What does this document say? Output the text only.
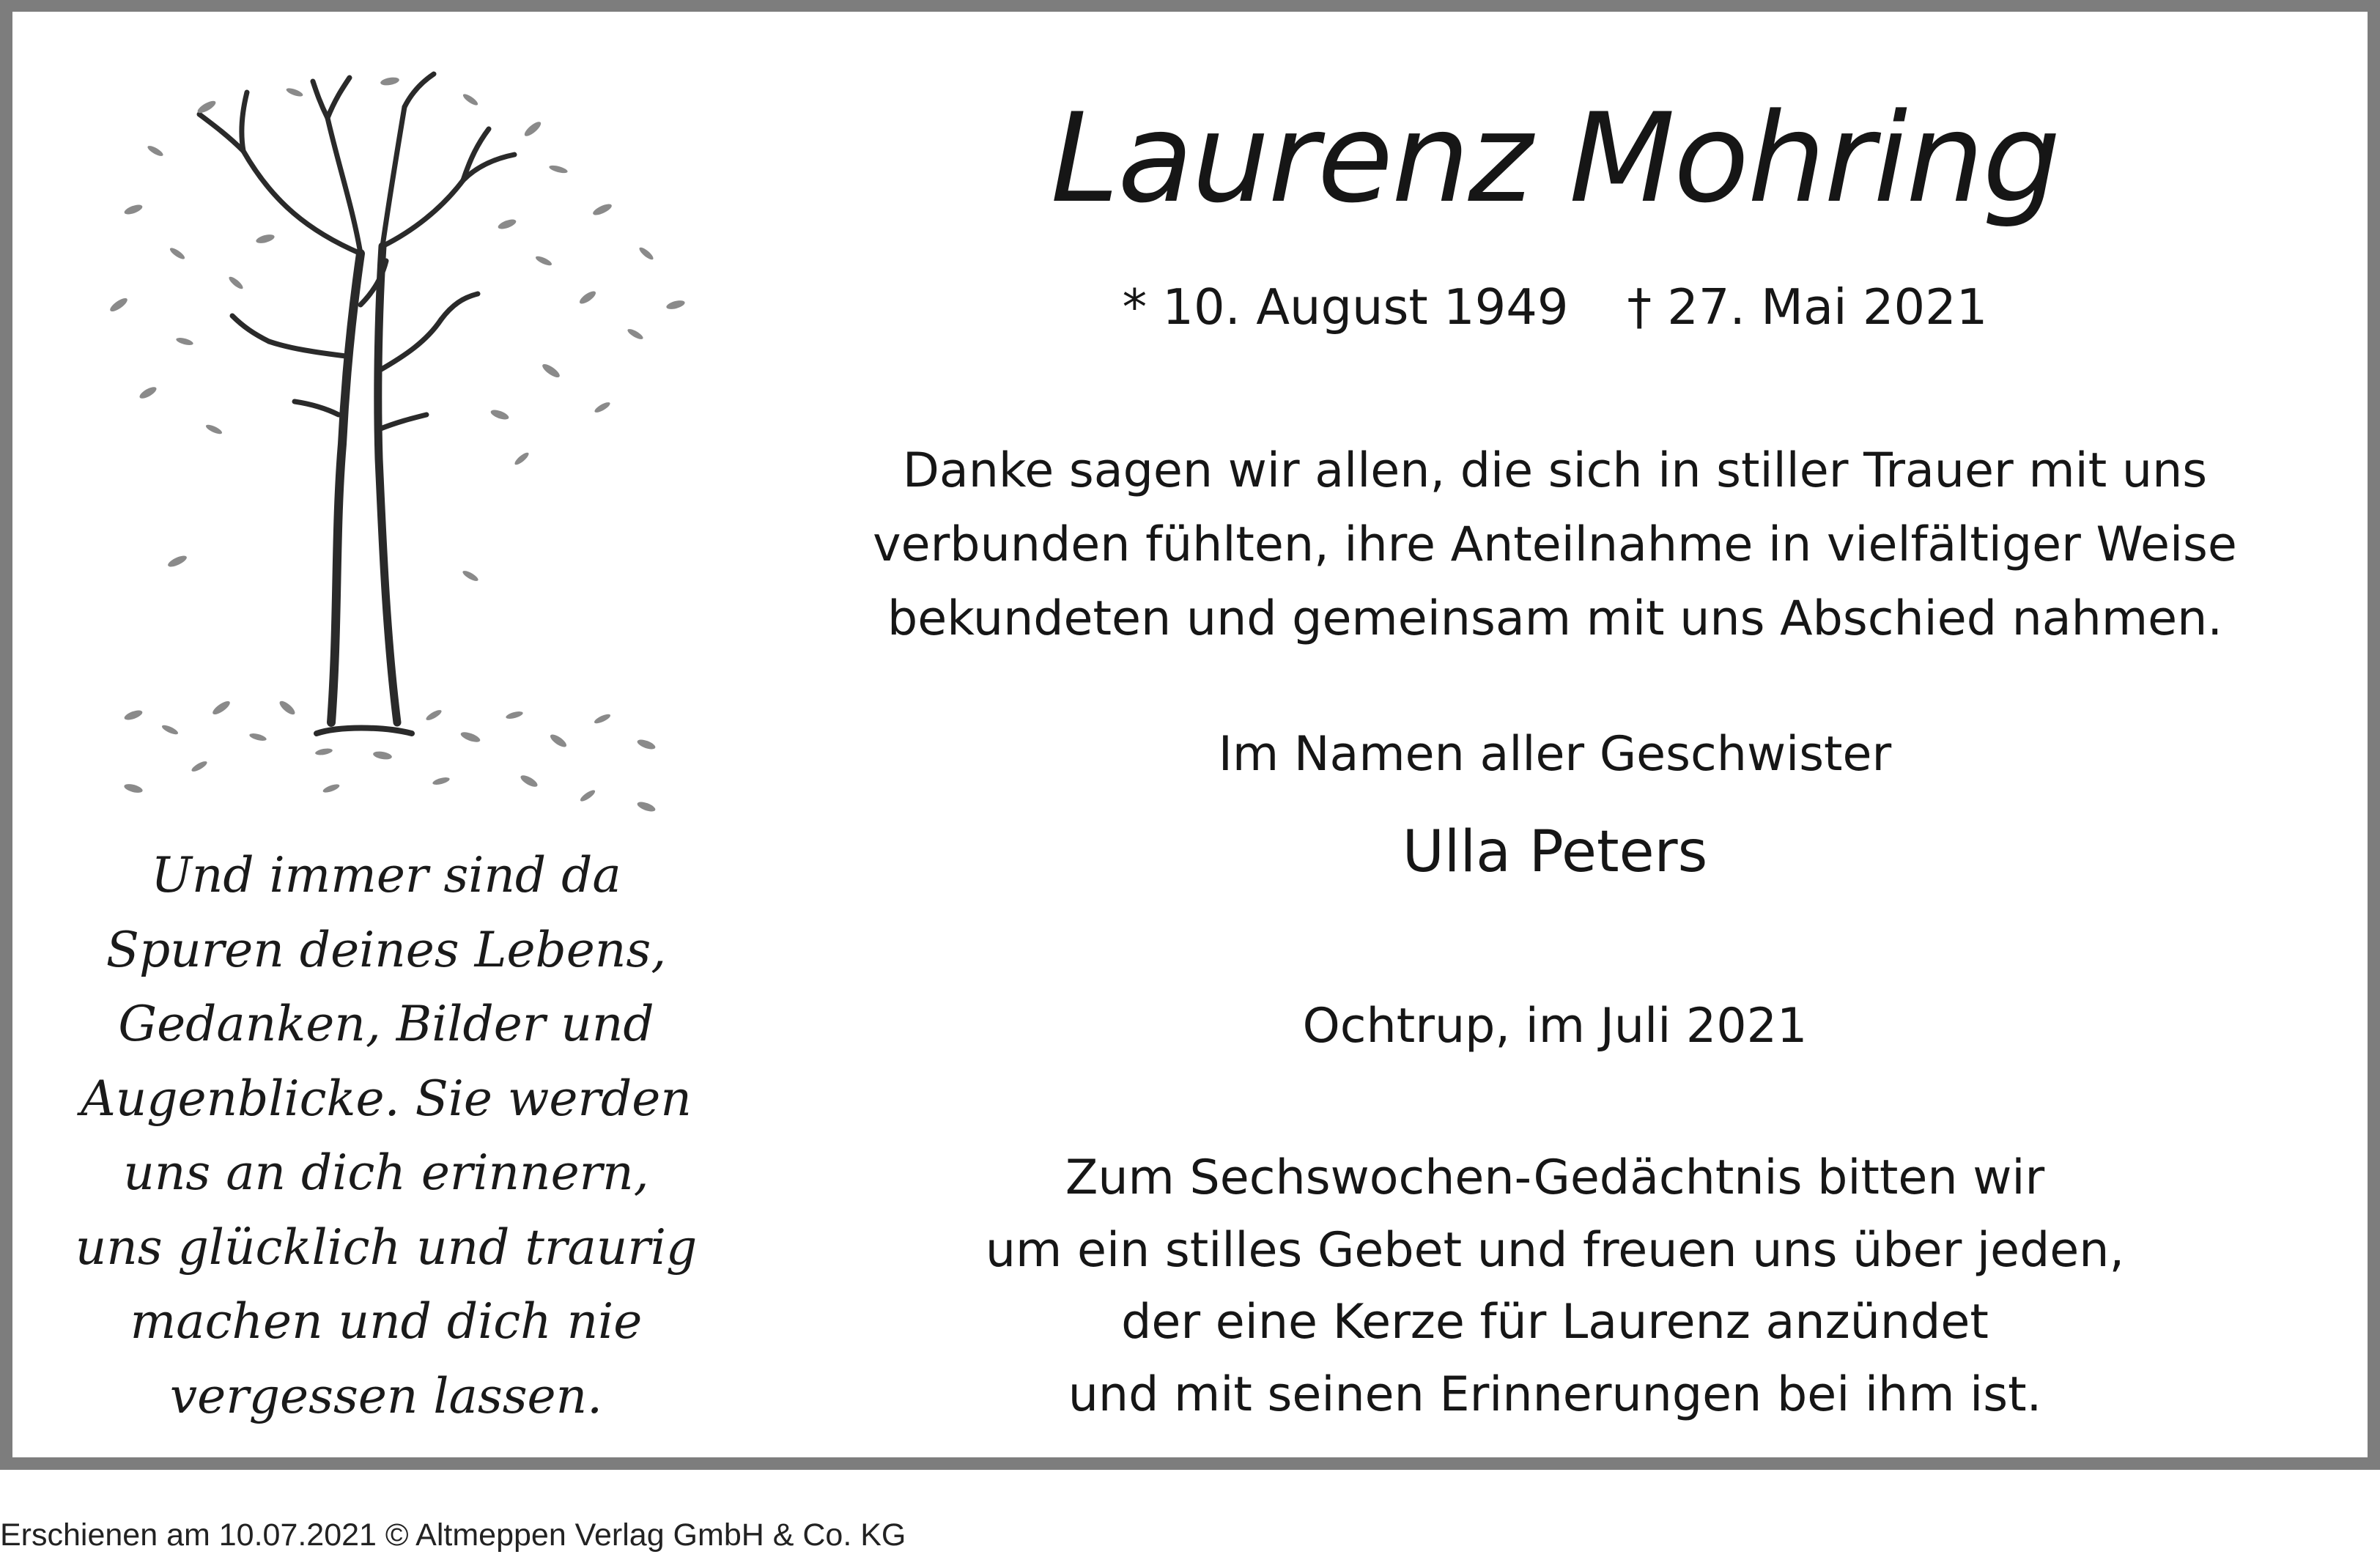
Und immer sind da
Spuren deines Lebens,
Gedanken, Bilder und
Augenblicke. Sie werden
uns an dich erinnern,
uns glücklich und traurig
machen und dich nie
vergessen lassen.
Laurenz Mohring
* 10. August 1949 † 27. Mai 2021
Danke sagen wir allen, die sich in stiller Trauer mit uns
verbunden fühlten, ihre Anteilnahme in vielfältiger Weise
bekundeten und gemeinsam mit uns Abschied nahmen.
Im Namen aller Geschwister
Ulla Peters
Ochtrup, im Juli 2021
Zum Sechswochen-Gedächtnis bitten wir
um ein stilles Gebet und freuen uns über jeden,
der eine Kerze für Laurenz anzündet
und mit seinen Erinnerungen bei ihm ist.
Erschienen am 10.07.2021 © Altmeppen Verlag GmbH & Co. KG
